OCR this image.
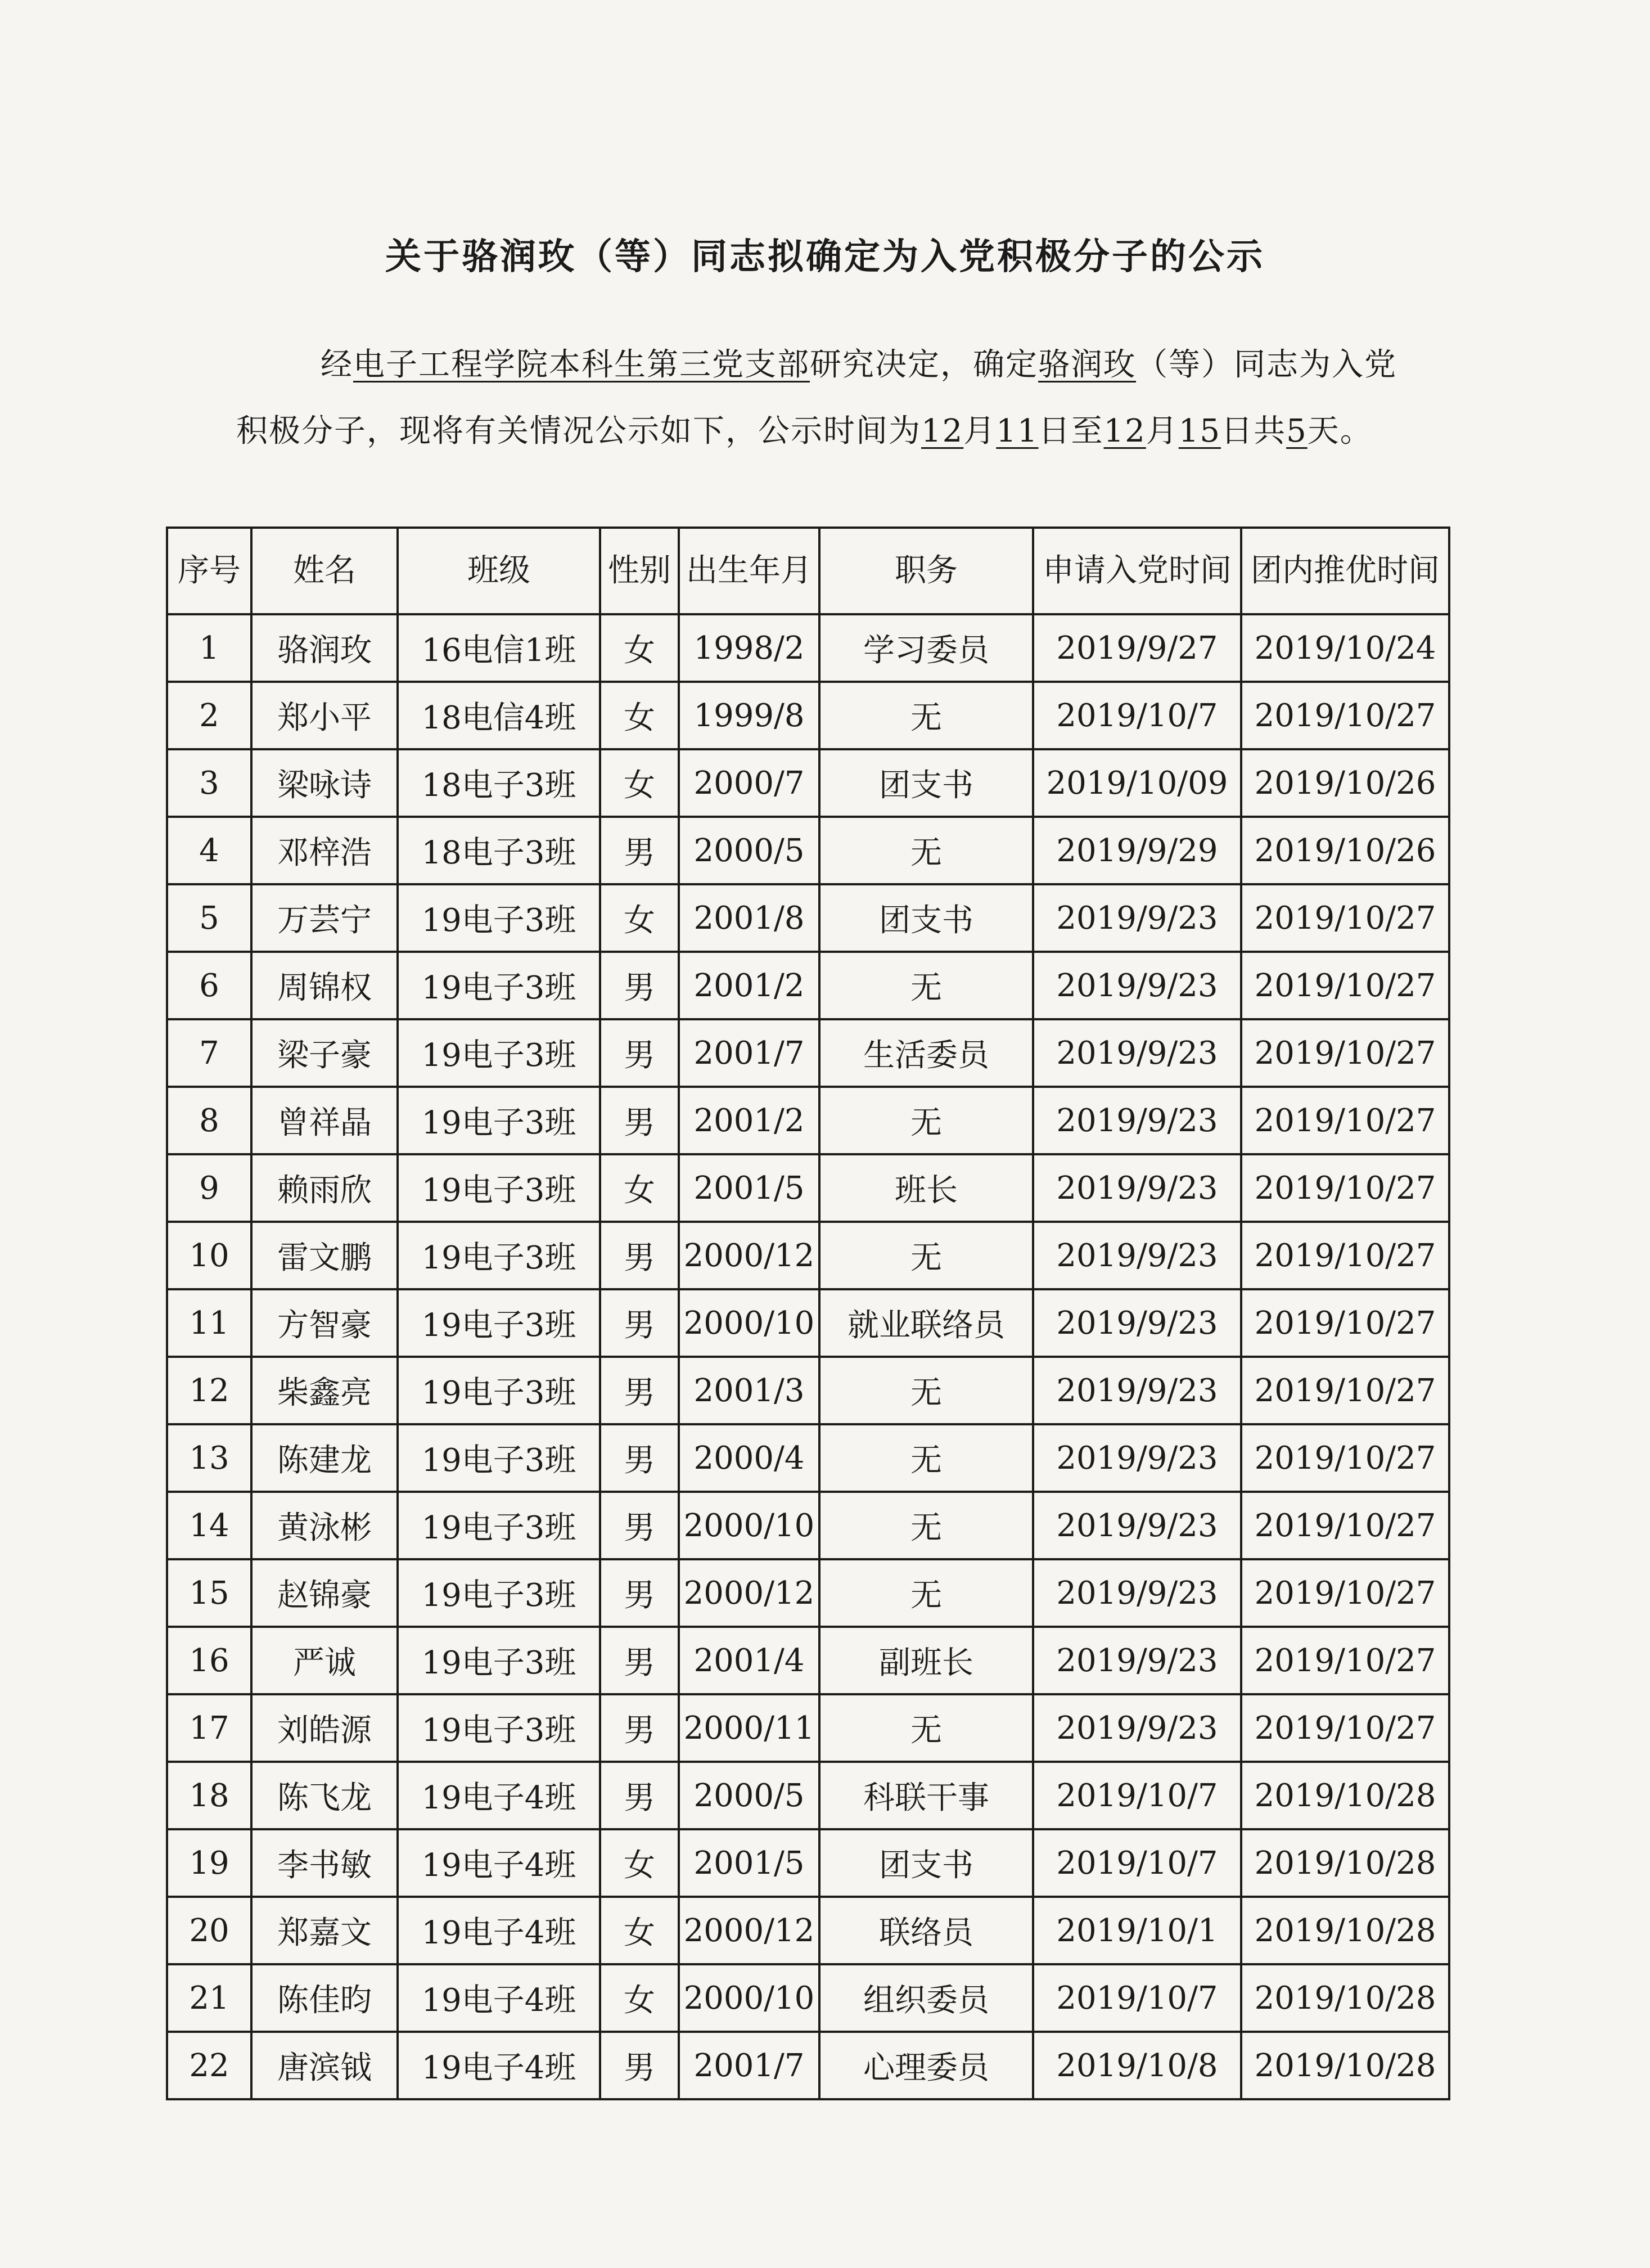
关于骆润玫（等）同志拟确定为入党积极分子的公示
经电子工程学院本科生第三党支部研究决定，确定骆润玫（等）同志为入党积极分子，现将有关情况公示如下，公示时间为12月11日至12月15日共5天。
序号	姓名	班级	性别	出生年月	职务	申请入党时间	团内推优时间
1	骆润玫	16电信1班	女	1998/2	学习委员	2019/9/27	2019/10/24
2	郑小平	18电信4班	女	1999/8	无	2019/10/7	2019/10/27
3	梁咏诗	18电子3班	女	2000/7	团支书	2019/10/09	2019/10/26
4	邓梓浩	18电子3班	男	2000/5	无	2019/9/29	2019/10/26
5	万芸宁	19电子3班	女	2001/8	团支书	2019/9/23	2019/10/27
6	周锦权	19电子3班	男	2001/2	无	2019/9/23	2019/10/27
7	梁子豪	19电子3班	男	2001/7	生活委员	2019/9/23	2019/10/27
8	曾祥晶	19电子3班	男	2001/2	无	2019/9/23	2019/10/27
9	赖雨欣	19电子3班	女	2001/5	班长	2019/9/23	2019/10/27
10	雷文鹏	19电子3班	男	2000/12	无	2019/9/23	2019/10/27
11	方智豪	19电子3班	男	2000/10	就业联络员	2019/9/23	2019/10/27
12	柴鑫亮	19电子3班	男	2001/3	无	2019/9/23	2019/10/27
13	陈建龙	19电子3班	男	2000/4	无	2019/9/23	2019/10/27
14	黄泳彬	19电子3班	男	2000/10	无	2019/9/23	2019/10/27
15	赵锦豪	19电子3班	男	2000/12	无	2019/9/23	2019/10/27
16	严诚	19电子3班	男	2001/4	副班长	2019/9/23	2019/10/27
17	刘皓源	19电子3班	男	2000/11	无	2019/9/23	2019/10/27
18	陈飞龙	19电子4班	男	2000/5	科联干事	2019/10/7	2019/10/28
19	李书敏	19电子4班	女	2001/5	团支书	2019/10/7	2019/10/28
20	郑嘉文	19电子4班	女	2000/12	联络员	2019/10/1	2019/10/28
21	陈佳昀	19电子4班	女	2000/10	组织委员	2019/10/7	2019/10/28
22	唐滨钺	19电子4班	男	2001/7	心理委员	2019/10/8	2019/10/28
